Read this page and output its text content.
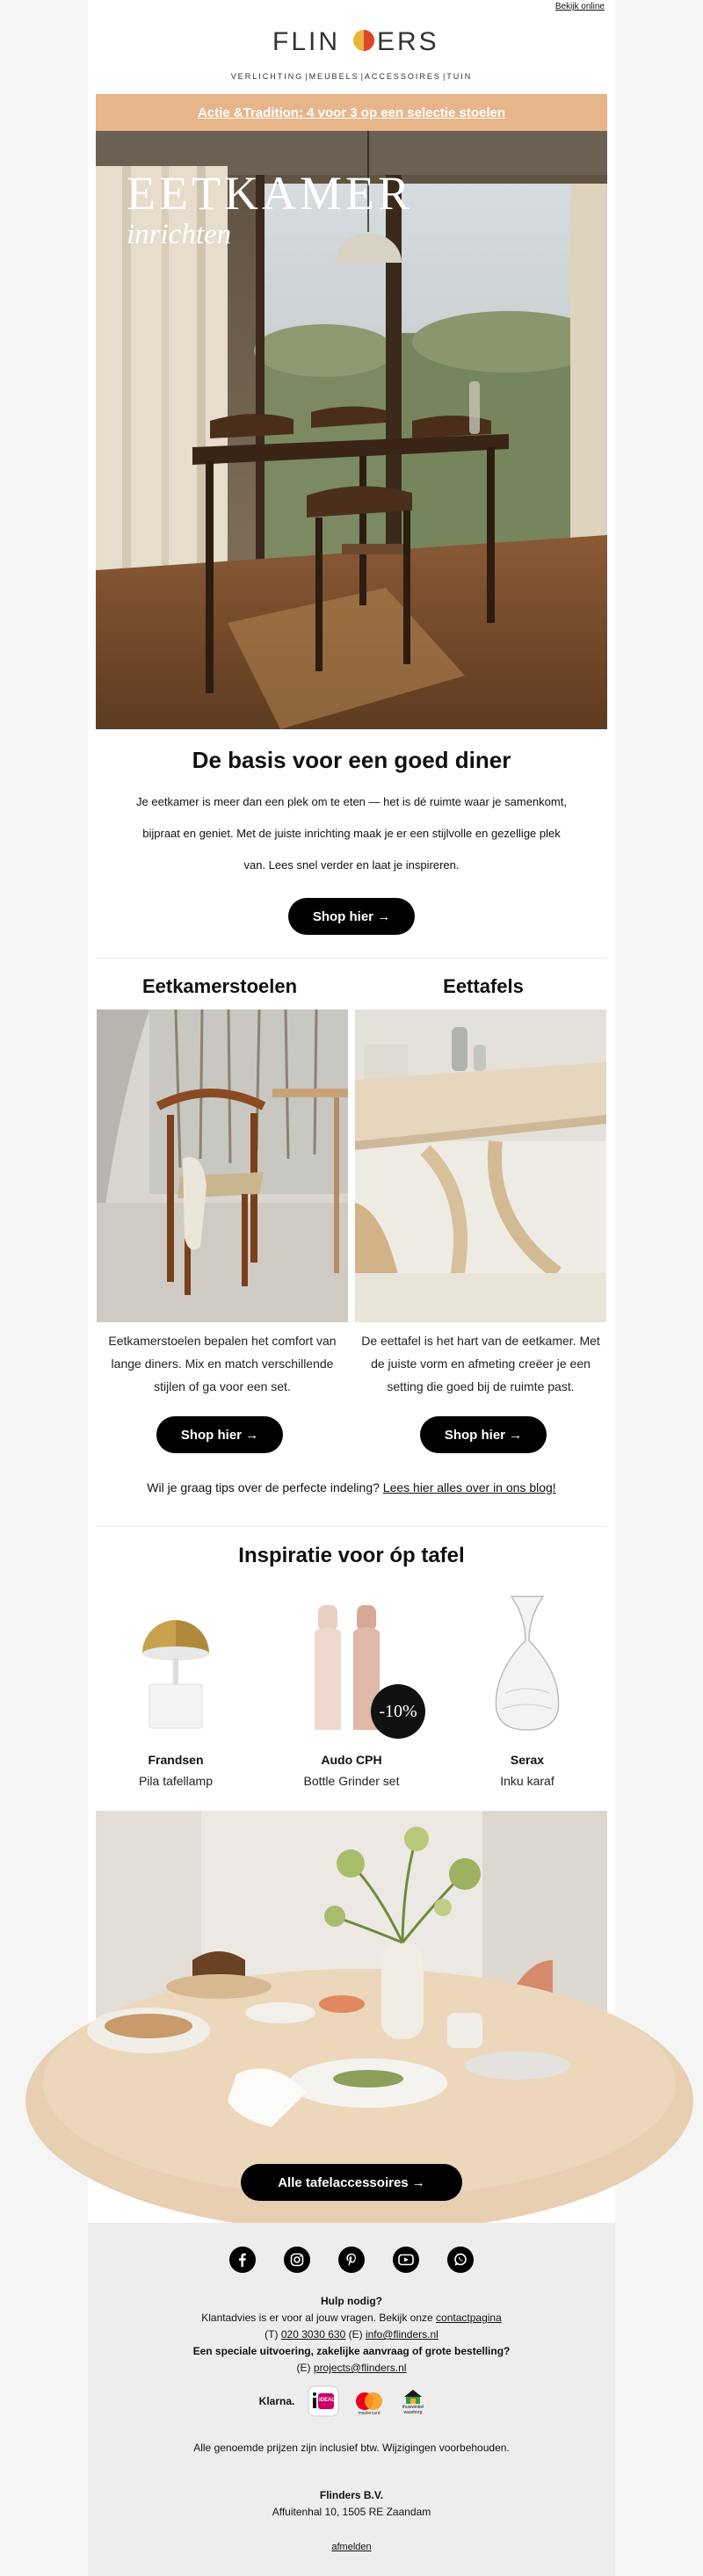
Bekijk online
FLIN ERS
VERLICHTING | MEUBELS | ACCESSOIRES | TUIN
Actie &Tradition: 4 voor 3 op een selectie stoelen
EETKAMER
inrichten
De basis voor een goed diner
Je eetkamer is meer dan een plek om te eten — het is dé ruimte waar je samenkomt, bijpraat en geniet. Met de juiste inrichting maak je er een stijlvolle en gezellige plek van. Lees snel verder en laat je inspireren.
Shop hier →
Eetkamerstoelen	Eettafels
Eetkamerstoelen bepalen het comfort van lange diners. Mix en match verschillende stijlen of ga voor een set.
De eettafel is het hart van de eetkamer. Met de juiste vorm en afmeting creëer je een setting die goed bij de ruimte past.
Shop hier →	Shop hier →
Wil je graag tips over de perfecte indeling? Lees hier alles over in ons blog!
Inspiratie voor óp tafel
Frandsen
Pila tafellamp
-10%
Audo CPH
Bottle Grinder set
Serax
Inku karaf
Alle tafelaccessoires →
Hulp nodig?
Klantadvies is er voor al jouw vragen. Bekijk onze contactpagina
(T) 020 3030 630 (E) info@flinders.nl
Een speciale uitvoering, zakelijke aanvraag of grote bestelling?
(E) projects@flinders.nl
Klarna.	iDEAL
mastercard
thuiswinkel waarborg
Alle genoemde prijzen zijn inclusief btw. Wijzigingen voorbehouden.
Flinders B.V.
Affuitenhal 10, 1505 RE Zaandam
afmelden
